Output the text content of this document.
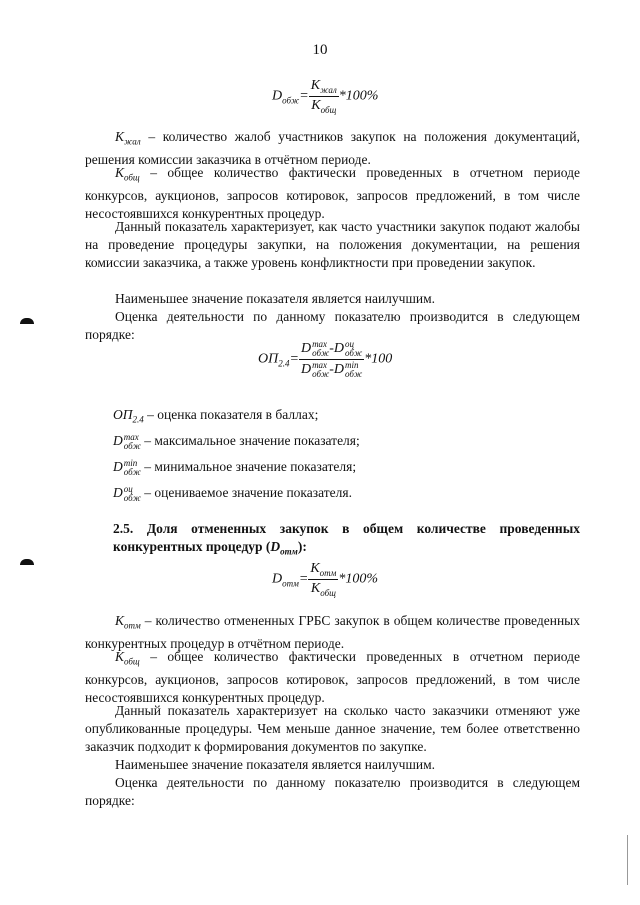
10
$D_{обж}= \frac{K_{жал}}{K_{общ}} *100\%$
$K_{жал}$ – количество жалоб участников закупок на положения документаций, решения комиссии заказчика в отчётном периоде.
$K_{общ}$ – общее количество фактически проведенных в отчетном периоде конкурсов, аукционов, запросов котировок, запросов предложений, в том числе несостоявшихся конкурентных процедур.
Данный показатель характеризует, как часто участники закупок подают жалобы на проведение процедуры закупки, на положения документации, на решения комиссии заказчика, а также уровень конфликтности при проведении закупок.
Наименьшее значение показателя является наилучшим.
Оценка деятельности по данному показателю производится в следующем порядке:
$ОП_{2.4}= D$ max
обж -D оц
обж
D max
обж -D min
обж *100
$ОП_{2.4}$ – оценка показателя в баллах;
D max
обж – максимальное значение показателя;
D min
обж – минимальное значение показателя;
D оц
обж – оцениваемое значение показателя.
2.5. Доля отмененных закупок в общем количестве проведенных конкурентных процедур $(D_{отм})$:
$D_{отм}= \frac{K_{отм}}{K_{общ}} *100\%$
$K_{отм}$ – количество отмененных ГРБС закупок в общем количестве проведенных конкурентных процедур в отчётном периоде.
$K_{общ}$ – общее количество фактически проведенных в отчетном периоде конкурсов, аукционов, запросов котировок, запросов предложений, в том числе несостоявшихся конкурентных процедур.
Данный показатель характеризует на сколько часто заказчики отменяют уже опубликованные процедуры. Чем меньше данное значение, тем более ответственно заказчик подходит к формирования документов по закупке.
Наименьшее значение показателя является наилучшим.
Оценка деятельности по данному показателю производится в следующем порядке:
